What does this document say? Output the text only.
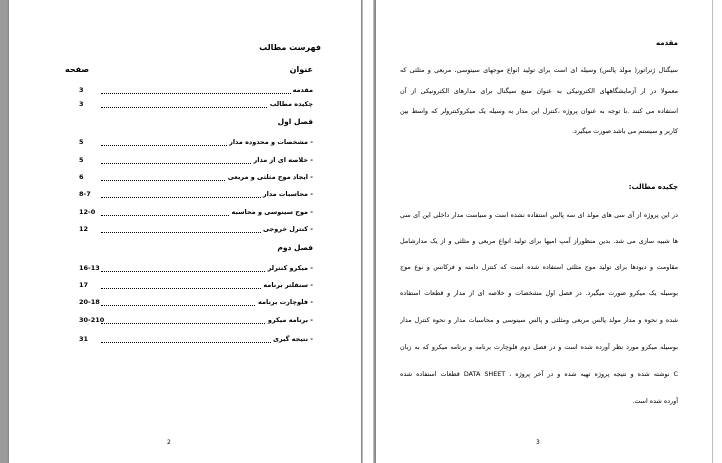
فهرست مطالب
عنوان
صفحه
مقدمه
3
چکیده مطالب
3
فصل اول
- مشخصات و محدوده مدار
5
- خلاصه ای از مدار
5
- ایجاد موج مثلثی و مربعی
6
- محاسبات مدار
8-7
- موج سینوسی و محاسبه
12-0
- کنترل خروجی
12
فصل دوم
- میکرو کنترلر
16-13
- سنفلتر برنامه
17
- فلوچارت برنامه
20-18
- برنامه میکرو
30-210
- نتیجه گیری
31
2
مقدمه
سیگنال ژنراتور( مولد پالس) وسیله ای است برای تولید انواع موجهای سینوسی، مربعی و مثلثی که
معمولا در ار آزمایشگاههای الکترونیکی به عنوان منبع سیگنال برای مدارهای الکترونیکی از آن
استفاده می کنند .با توجه به عنوان پروژه ،کنترل این مدار به وسیله یک میکروکنترولر که واسط بین
کاربر و سیستم می باشد صورت میگیرد.
چکیده مطالب:
در این پروژه از آی سی های مولد ای سه پالس استفاده نشده است و سیاست مدار داخلی این آی سی
ها شبیه سازی می شد. بدین منظوراز آمپ امپها برای تولید انواع مربعی و مثلثی و از یک مدارشامل
مقاومت و دیودها برای تولید موج مثلثی استفاده شده است که کنترل دامنه و فرکانس و نوع موج
بوسیله یک میکرو صورت میگیرد. در فصل اول مشخصات و خلاصه ای از مدار و قطعات استفاده
شده و نحوه و مدار مولد پالس مربعی ومثلثی و پالس سینوسی و محاسبات مدار و نحوه کنترل مدار
بوسیله میکرو مورد نظر آورده شده است و در فصل دوم فلوچارت برنامه و برنامه میکرو که به زبان
C نوشته شده و نتیجه پروژه تهیه شده و در آخر پروژه ، DATA SHEET قطعات استفاده شده
آورده شده است.
3
